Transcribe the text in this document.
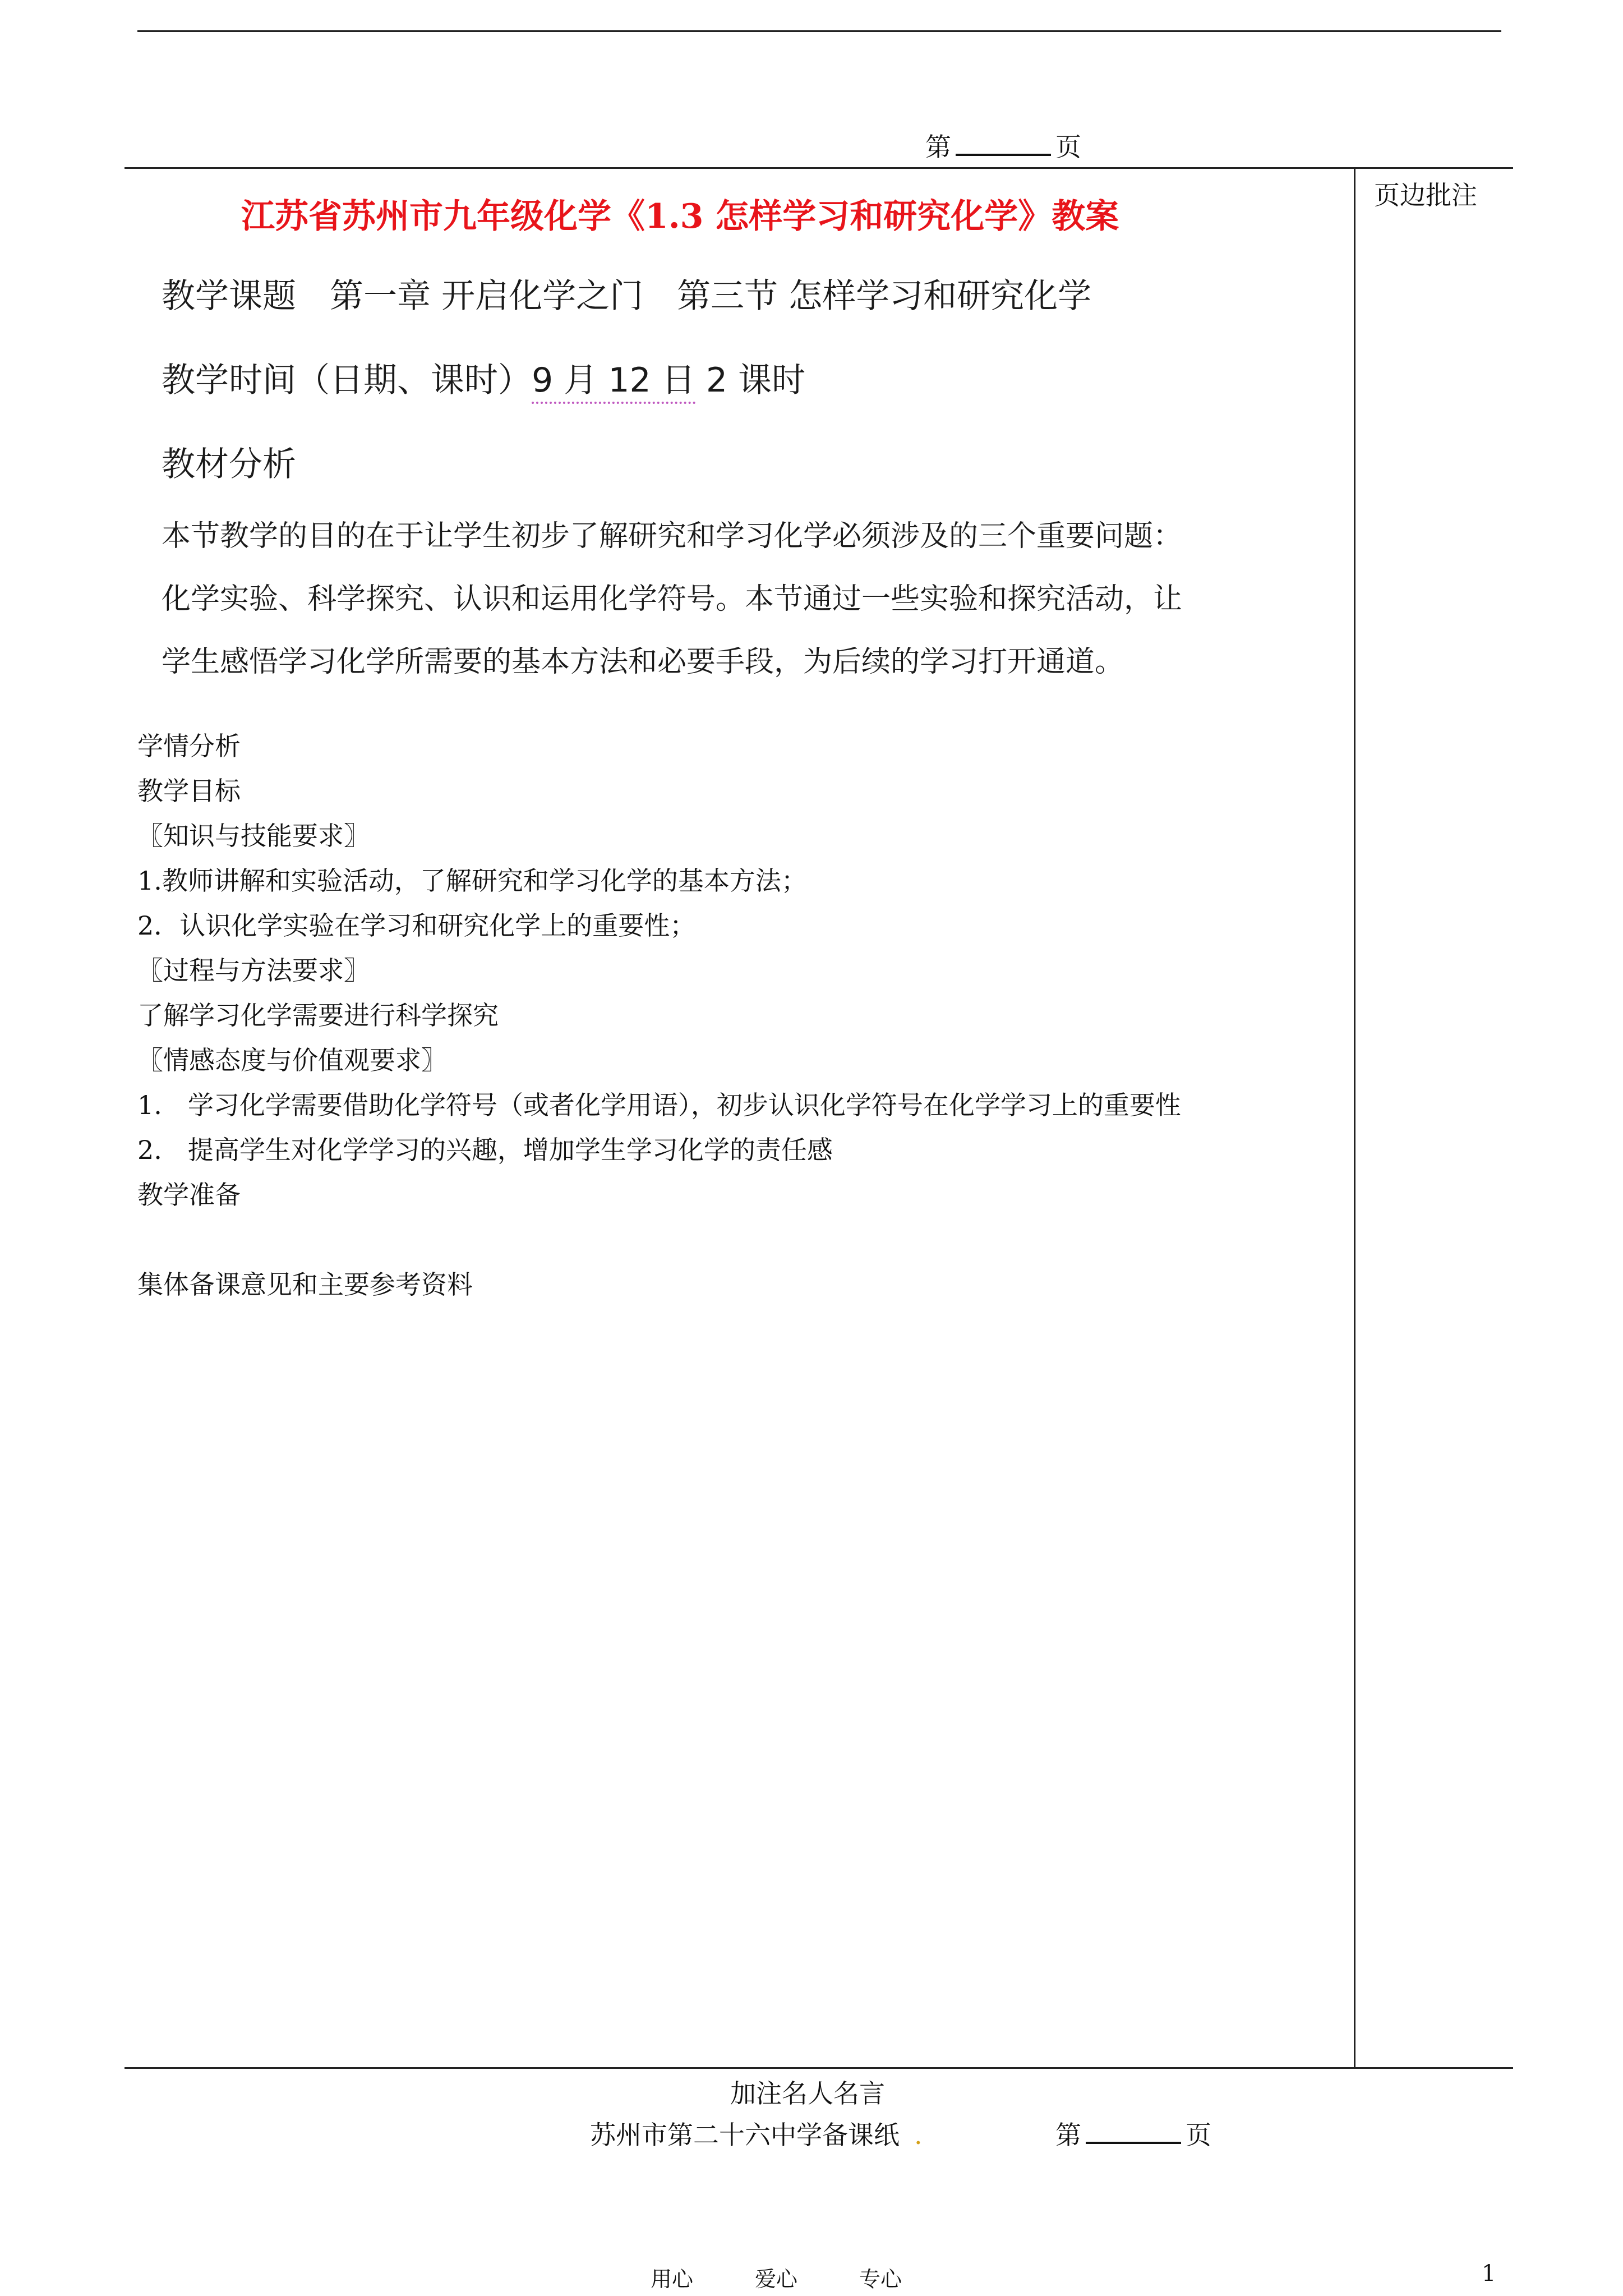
第	页
页边批注
江苏省苏州市九年级化学《1.3 怎样学习和研究化学》教案
教学课题　第一章 开启化学之门　第三节 怎样学习和研究化学
教学时间（日期、课时）9 月 12 日 2 课时
教材分析

本节教学的目的在于让学生初步了解研究和学习化学必须涉及的三个重要问题：

化学实验、科学探究、认识和运用化学符号。本节通过一些实验和探究活动，让

学生感悟学习化学所需要的基本方法和必要手段，为后续的学习打开通道。

学情分析
教学目标
〖知识与技能要求〗
1.教师讲解和实验活动，了解研究和学习化学的基本方法；
2．认识化学实验在学习和研究化学上的重要性；
〖过程与方法要求〗
了解学习化学需要进行科学探究
〖情感态度与价值观要求〗
1.　学习化学需要借助化学符号（或者化学用语），初步认识化学符号在化学学习上的重要性
2.　提高学生对化学学习的兴趣，增加学生学习化学的责任感
教学准备
集体备课意见和主要参考资料
加注名人名言
苏州市第二十六中学备课纸 .	第	页
用心	爱心	专心	1
